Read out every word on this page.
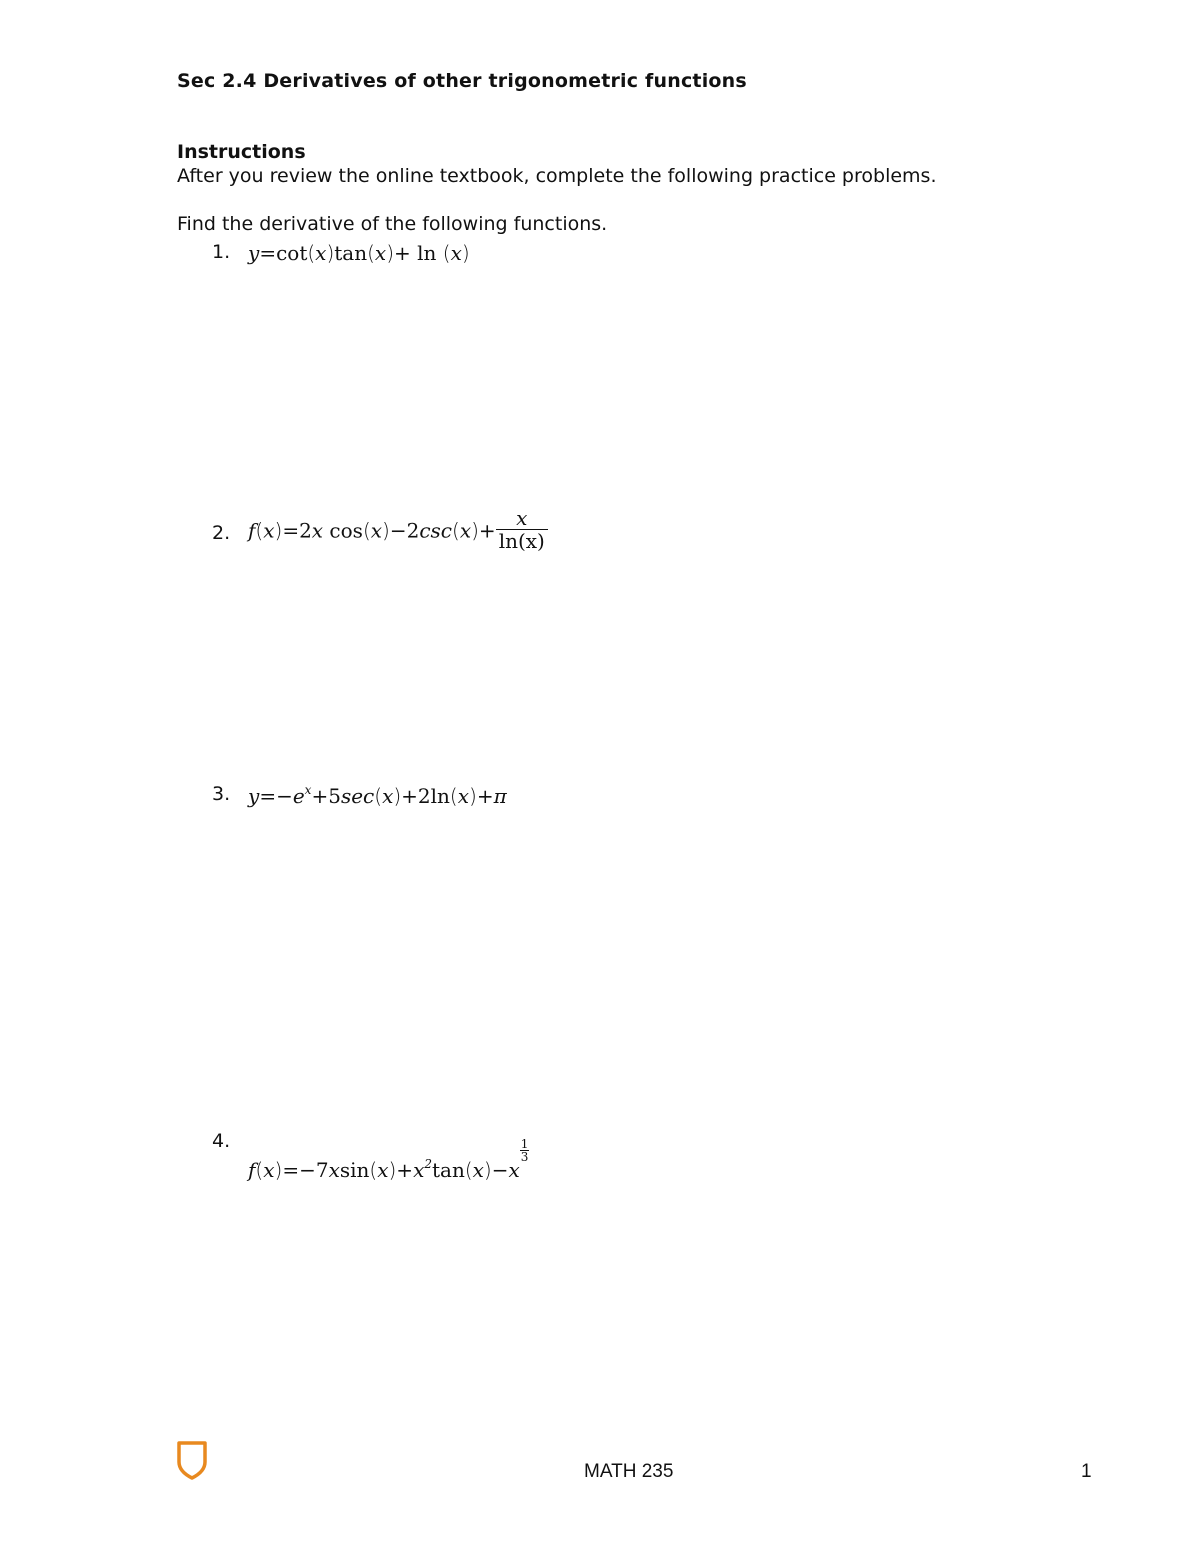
Sec 2.4 Derivatives of other trigonometric functions
Instructions
After you review the online textbook, complete the following practice problems.
Find the derivative of the following functions.
1. y=cot(x)tan(x)+ ln (x)
2. f(x)=2x $\cos(x)-2\csc(x)+ \frac{x}{\ln(x)}$
3. $y=-e^x+5\sec(x)+2\ln(x)+\pi$
4.
$f(x)=-7xsin(x)+x^2\tan(x)-x$
$\frac{1}{3}$
MATH 235	1
